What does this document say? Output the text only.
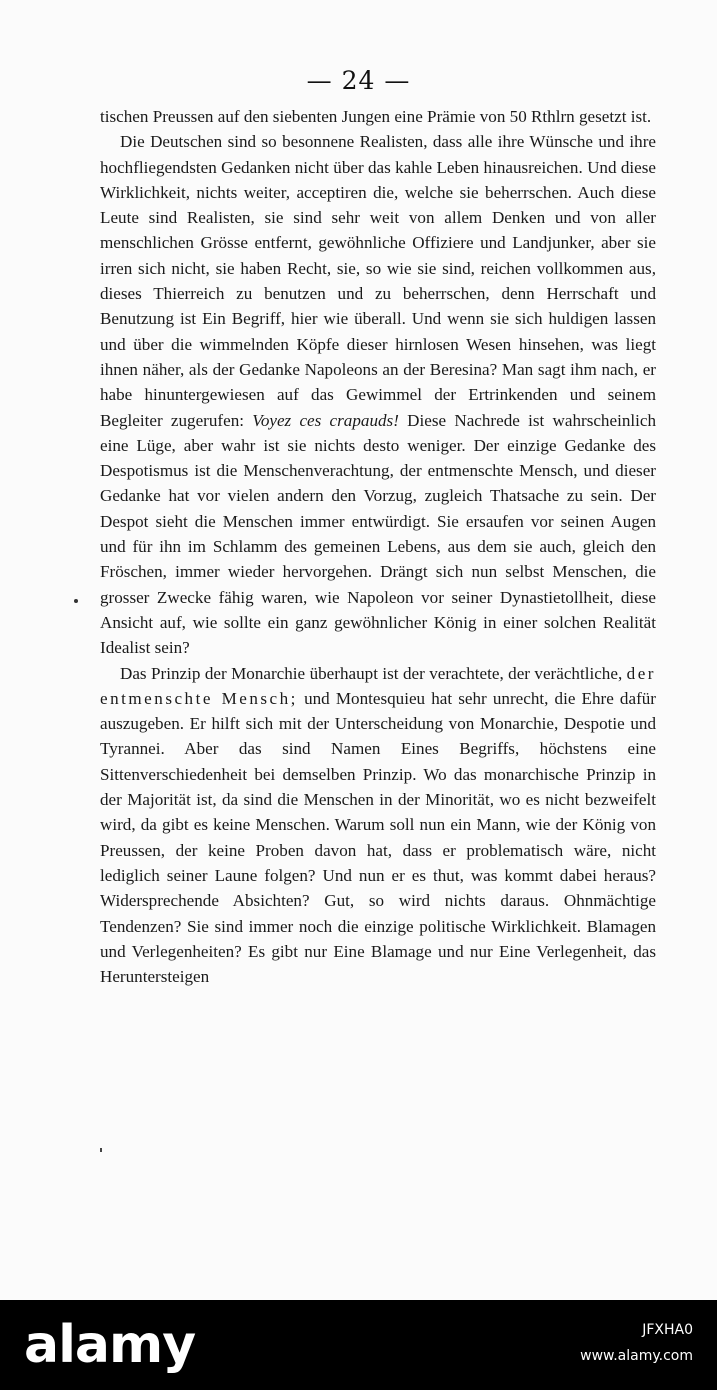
— 24 —

tischen Preussen auf den siebenten Jungen eine Prämie von 50 Rthlrn gesetzt ist.

Die Deutschen sind so besonnene Realisten, dass alle ihre Wünsche und ihre hochfliegendsten Gedanken nicht über das kahle Leben hinausreichen. Und diese Wirklichkeit, nichts weiter, acceptiren die, welche sie beherrschen. Auch diese Leute sind Realisten, sie sind sehr weit von allem Denken und von aller menschlichen Grösse entfernt, gewöhnliche Offiziere und Landjunker, aber sie irren sich nicht, sie haben Recht, sie, so wie sie sind, reichen vollkommen aus, dieses Thierreich zu benutzen und zu beherrschen, denn Herrschaft und Benutzung ist Ein Begriff, hier wie überall. Und wenn sie sich huldigen lassen und über die wimmelnden Köpfe dieser hirnlosen Wesen hinsehen, was liegt ihnen näher, als der Gedanke Napoleons an der Beresina? Man sagt ihm nach, er habe hinuntergewiesen auf das Gewimmel der Ertrinkenden und seinem Begleiter zugerufen: Voyez ces crapauds! Diese Nachrede ist wahrscheinlich eine Lüge, aber wahr ist sie nichts desto weniger. Der einzige Gedanke des Despotismus ist die Menschenverachtung, der entmenschte Mensch, und dieser Gedanke hat vor vielen andern den Vorzug, zugleich Thatsache zu sein. Der Despot sieht die Menschen immer entwürdigt. Sie ersaufen vor seinen Augen und für ihn im Schlamm des gemeinen Lebens, aus dem sie auch, gleich den Fröschen, immer wieder hervorgehen. Drängt sich nun selbst Menschen, die grosser Zwecke fähig waren, wie Napoleon vor seiner Dynastietollheit, diese Ansicht auf, wie sollte ein ganz gewöhnlicher König in einer solchen Realität Idealist sein?

Das Prinzip der Monarchie überhaupt ist der verachtete, der verächtliche, der entmenschte Mensch; und Montesquieu hat sehr unrecht, die Ehre dafür auszugeben. Er hilft sich mit der Unterscheidung von Monarchie, Despotie und Tyrannei. Aber das sind Namen Eines Begriffs, höchstens eine Sittenverschiedenheit bei demselben Prinzip. Wo das monarchische Prinzip in der Majorität ist, da sind die Menschen in der Minorität, wo es nicht bezweifelt wird, da gibt es keine Menschen. Warum soll nun ein Mann, wie der König von Preussen, der keine Proben davon hat, dass er problematisch wäre, nicht lediglich seiner Laune folgen? Und nun er es thut, was kommt dabei heraus? Widersprechende Absichten? Gut, so wird nichts daraus. Ohnmächtige Tendenzen? Sie sind immer noch die einzige politische Wirklichkeit. Blamagen und Verlegenheiten? Es gibt nur Eine Blamage und nur Eine Verlegenheit, das Heruntersteigen

alamy	JFXHA0
www.alamy.com
